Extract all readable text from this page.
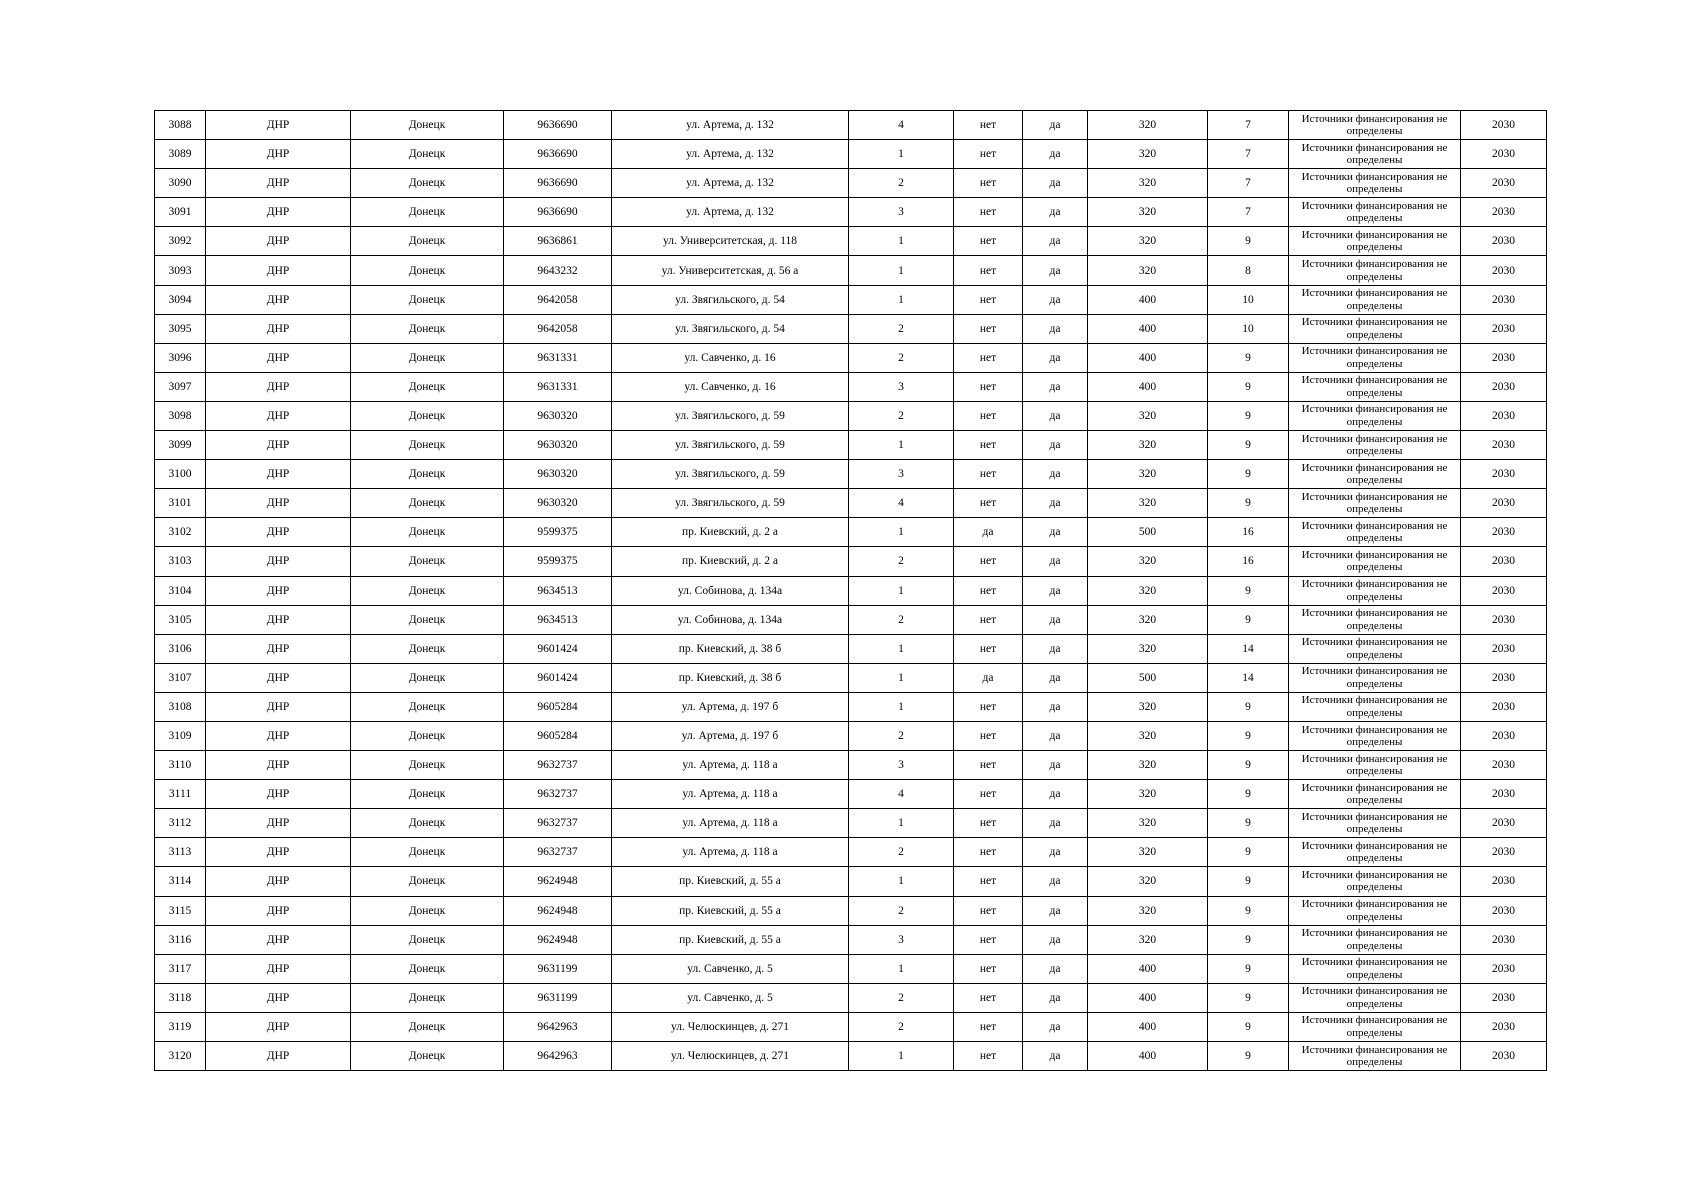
3088	ДНР	Донецк	9636690	ул. Артема, д. 132	4	нет	да	320	7	Источники финансирования не определены	2030
3089	ДНР	Донецк	9636690	ул. Артема, д. 132	1	нет	да	320	7	Источники финансирования не определены	2030
3090	ДНР	Донецк	9636690	ул. Артема, д. 132	2	нет	да	320	7	Источники финансирования не определены	2030
3091	ДНР	Донецк	9636690	ул. Артема, д. 132	3	нет	да	320	7	Источники финансирования не определены	2030
3092	ДНР	Донецк	9636861	ул. Университетская, д. 118	1	нет	да	320	9	Источники финансирования не определены	2030
3093	ДНР	Донецк	9643232	ул. Университетская, д. 56 а	1	нет	да	320	8	Источники финансирования не определены	2030
3094	ДНР	Донецк	9642058	ул. Звягильского, д. 54	1	нет	да	400	10	Источники финансирования не определены	2030
3095	ДНР	Донецк	9642058	ул. Звягильского, д. 54	2	нет	да	400	10	Источники финансирования не определены	2030
3096	ДНР	Донецк	9631331	ул. Савченко, д. 16	2	нет	да	400	9	Источники финансирования не определены	2030
3097	ДНР	Донецк	9631331	ул. Савченко, д. 16	3	нет	да	400	9	Источники финансирования не определены	2030
3098	ДНР	Донецк	9630320	ул. Звягильского, д. 59	2	нет	да	320	9	Источники финансирования не определены	2030
3099	ДНР	Донецк	9630320	ул. Звягильского, д. 59	1	нет	да	320	9	Источники финансирования не определены	2030
3100	ДНР	Донецк	9630320	ул. Звягильского, д. 59	3	нет	да	320	9	Источники финансирования не определены	2030
3101	ДНР	Донецк	9630320	ул. Звягильского, д. 59	4	нет	да	320	9	Источники финансирования не определены	2030
3102	ДНР	Донецк	9599375	пр. Киевский, д. 2 а	1	да	да	500	16	Источники финансирования не определены	2030
3103	ДНР	Донецк	9599375	пр. Киевский, д. 2 а	2	нет	да	320	16	Источники финансирования не определены	2030
3104	ДНР	Донецк	9634513	ул. Собинова, д. 134а	1	нет	да	320	9	Источники финансирования не определены	2030
3105	ДНР	Донецк	9634513	ул. Собинова, д. 134а	2	нет	да	320	9	Источники финансирования не определены	2030
3106	ДНР	Донецк	9601424	пр. Киевский, д. 38 б	1	нет	да	320	14	Источники финансирования не определены	2030
3107	ДНР	Донецк	9601424	пр. Киевский, д. 38 б	1	да	да	500	14	Источники финансирования не определены	2030
3108	ДНР	Донецк	9605284	ул. Артема, д. 197 б	1	нет	да	320	9	Источники финансирования не определены	2030
3109	ДНР	Донецк	9605284	ул. Артема, д. 197 б	2	нет	да	320	9	Источники финансирования не определены	2030
3110	ДНР	Донецк	9632737	ул. Артема, д. 118 а	3	нет	да	320	9	Источники финансирования не определены	2030
3111	ДНР	Донецк	9632737	ул. Артема, д. 118 а	4	нет	да	320	9	Источники финансирования не определены	2030
3112	ДНР	Донецк	9632737	ул. Артема, д. 118 а	1	нет	да	320	9	Источники финансирования не определены	2030
3113	ДНР	Донецк	9632737	ул. Артема, д. 118 а	2	нет	да	320	9	Источники финансирования не определены	2030
3114	ДНР	Донецк	9624948	пр. Киевский, д. 55 а	1	нет	да	320	9	Источники финансирования не определены	2030
3115	ДНР	Донецк	9624948	пр. Киевский, д. 55 а	2	нет	да	320	9	Источники финансирования не определены	2030
3116	ДНР	Донецк	9624948	пр. Киевский, д. 55 а	3	нет	да	320	9	Источники финансирования не определены	2030
3117	ДНР	Донецк	9631199	ул. Савченко, д. 5	1	нет	да	400	9	Источники финансирования не определены	2030
3118	ДНР	Донецк	9631199	ул. Савченко, д. 5	2	нет	да	400	9	Источники финансирования не определены	2030
3119	ДНР	Донецк	9642963	ул. Челюскинцев, д. 271	2	нет	да	400	9	Источники финансирования не определены	2030
3120	ДНР	Донецк	9642963	ул. Челюскинцев, д. 271	1	нет	да	400	9	Источники финансирования не определены	2030
